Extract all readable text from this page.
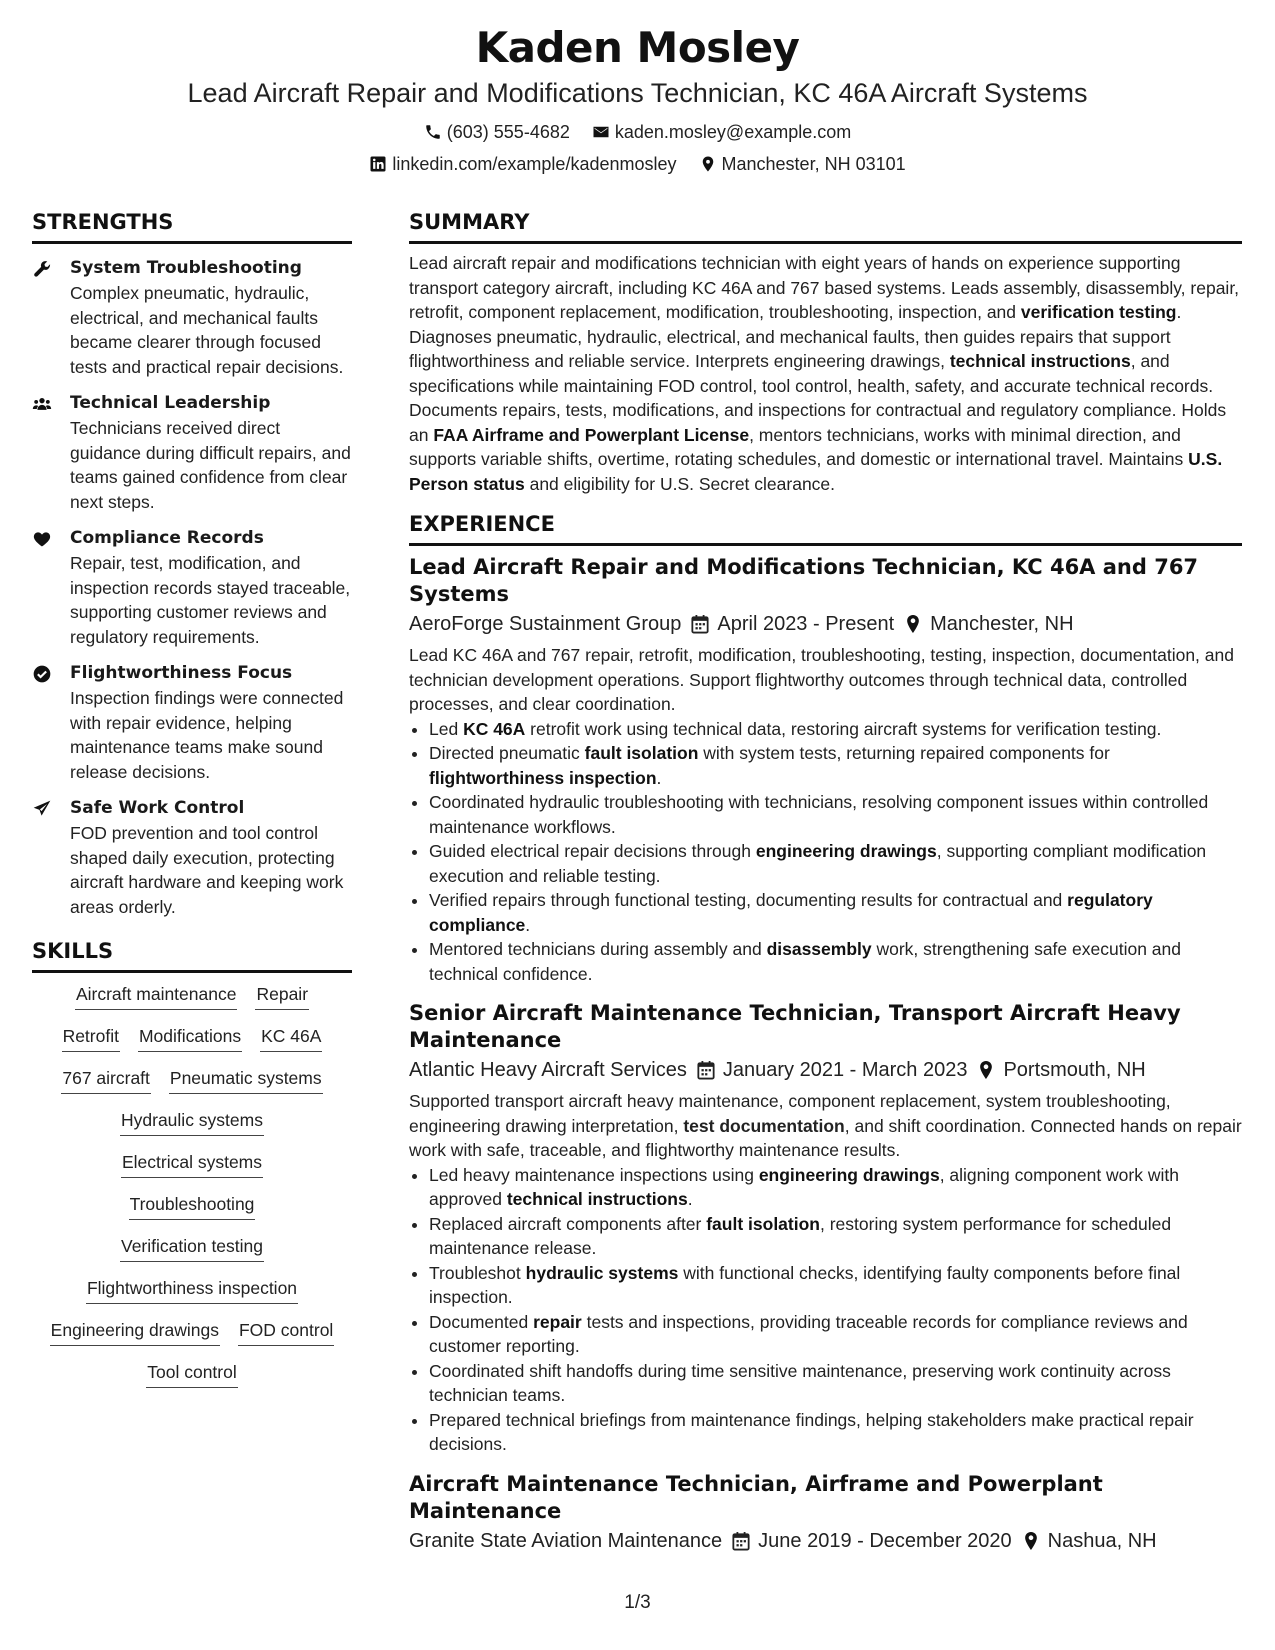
Kaden Mosley
Lead Aircraft Repair and Modifications Technician, KC 46A Aircraft Systems
(603) 555-4682	kaden.mosley@example.com
linkedin.com/example/kadenmosley	Manchester, NH 03101
STRENGTHS
System Troubleshooting
Complex pneumatic, hydraulic, electrical, and mechanical faults became clearer through focused tests and practical repair decisions.
Technical Leadership
Technicians received direct guidance during difficult repairs, and teams gained confidence from clear next steps.
Compliance Records
Repair, test, modification, and inspection records stayed traceable, supporting customer reviews and regulatory requirements.
Flightworthiness Focus
Inspection findings were connected with repair evidence, helping maintenance teams make sound release decisions.
Safe Work Control
FOD prevention and tool control shaped daily execution, protecting aircraft hardware and keeping work areas orderly.
SKILLS
Aircraft maintenance Repair
Retrofit Modifications KC 46A
767 aircraft Pneumatic systems
Hydraulic systems
Electrical systems
Troubleshooting
Verification testing
Flightworthiness inspection
Engineering drawings FOD control
Tool control
SUMMARY

Lead aircraft repair and modifications technician with eight years of hands on experience supporting transport category aircraft, including KC 46A and 767 based systems. Leads assembly, disassembly, repair, retrofit, component replacement, modification, troubleshooting, inspection, and verification testing. Diagnoses pneumatic, hydraulic, electrical, and mechanical faults, then guides repairs that support flightworthiness and reliable service. Interprets engineering drawings, technical instructions, and specifications while maintaining FOD control, tool control, health, safety, and accurate technical records. Documents repairs, tests, modifications, and inspections for contractual and regulatory compliance. Holds an FAA Airframe and Powerplant License, mentors technicians, works with minimal direction, and supports variable shifts, overtime, rotating schedules, and domestic or international travel. Maintains U.S. Person status and eligibility for U.S. Secret clearance.

EXPERIENCE
Lead Aircraft Repair and Modifications Technician, KC 46A and 767 Systems
AeroForge Sustainment Group April 2023 - Present Manchester, NH

Lead KC 46A and 767 repair, retrofit, modification, troubleshooting, testing, inspection, documentation, and technician development operations. Support flightworthy outcomes through technical data, controlled processes, and clear coordination.

• Led KC 46A retrofit work using technical data, restoring aircraft systems for verification testing.
• Directed pneumatic fault isolation with system tests, returning repaired components for flightworthiness inspection.
• Coordinated hydraulic troubleshooting with technicians, resolving component issues within controlled maintenance workflows.
• Guided electrical repair decisions through engineering drawings, supporting compliant modification execution and reliable testing.
• Verified repairs through functional testing, documenting results for contractual and regulatory compliance.
• Mentored technicians during assembly and disassembly work, strengthening safe execution and technical confidence.
Senior Aircraft Maintenance Technician, Transport Aircraft Heavy Maintenance
Atlantic Heavy Aircraft Services January 2021 - March 2023 Portsmouth, NH

Supported transport aircraft heavy maintenance, component replacement, system troubleshooting, engineering drawing interpretation, test documentation, and shift coordination. Connected hands on repair work with safe, traceable, and flightworthy maintenance results.

• Led heavy maintenance inspections using engineering drawings, aligning component work with approved technical instructions.
• Replaced aircraft components after fault isolation, restoring system performance for scheduled maintenance release.
• Troubleshot hydraulic systems with functional checks, identifying faulty components before final inspection.
• Documented repair tests and inspections, providing traceable records for compliance reviews and customer reporting.
• Coordinated shift handoffs during time sensitive maintenance, preserving work continuity across technician teams.
• Prepared technical briefings from maintenance findings, helping stakeholders make practical repair decisions.
Aircraft Maintenance Technician, Airframe and Powerplant Maintenance
Granite State Aviation Maintenance June 2019 - December 2020 Nashua, NH
1/3
